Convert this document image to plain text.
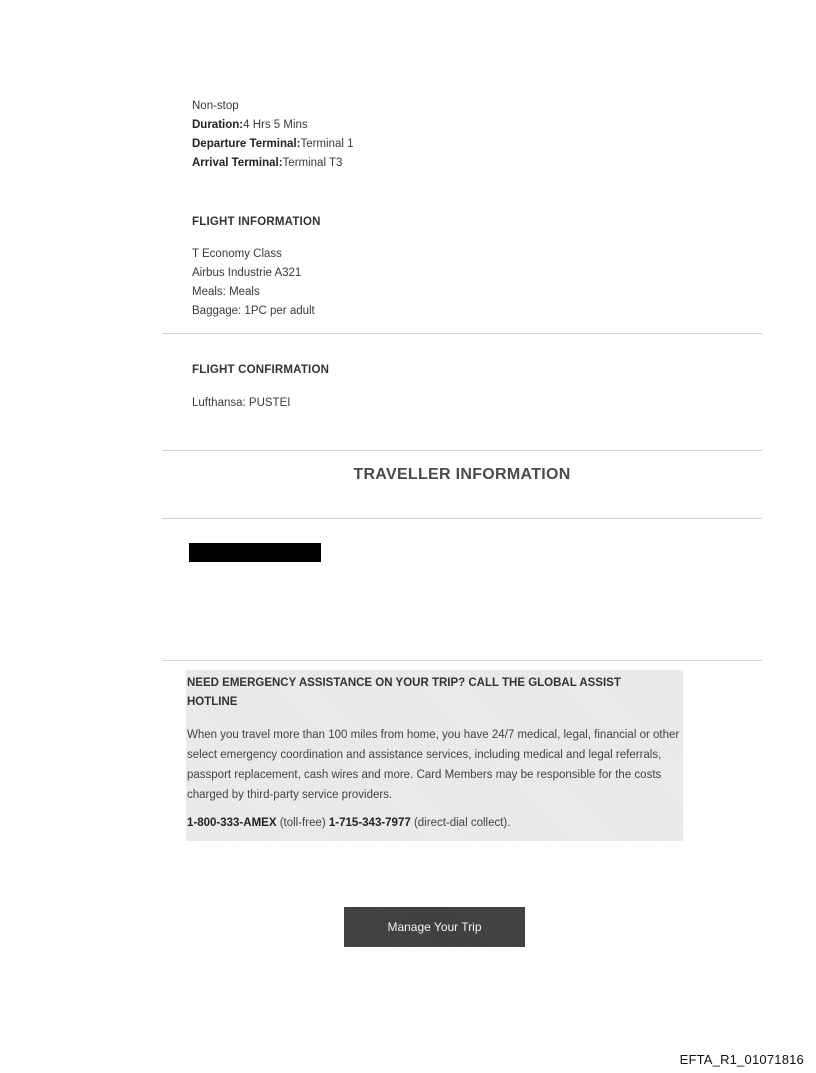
Non-stop
Duration:4 Hrs 5 Mins
Departure Terminal:Terminal 1
Arrival Terminal:Terminal T3
FLIGHT INFORMATION
T Economy Class
Airbus Industrie A321
Meals: Meals
Baggage: 1PC per adult
FLIGHT CONFIRMATION
Lufthansa: PUSTEI
TRAVELLER INFORMATION
NEED EMERGENCY ASSISTANCE ON YOUR TRIP? CALL THE GLOBAL ASSIST HOTLINE
When you travel more than 100 miles from home, you have 24/7 medical, legal, financial or other select emergency coordination and assistance services, including medical and legal referrals, passport replacement, cash wires and more. Card Members may be responsible for the costs charged by third-party service providers.
1-800-333-AMEX (toll-free) 1-715-343-7977 (direct-dial collect).
Manage Your Trip
EFTA_R1_01071816
